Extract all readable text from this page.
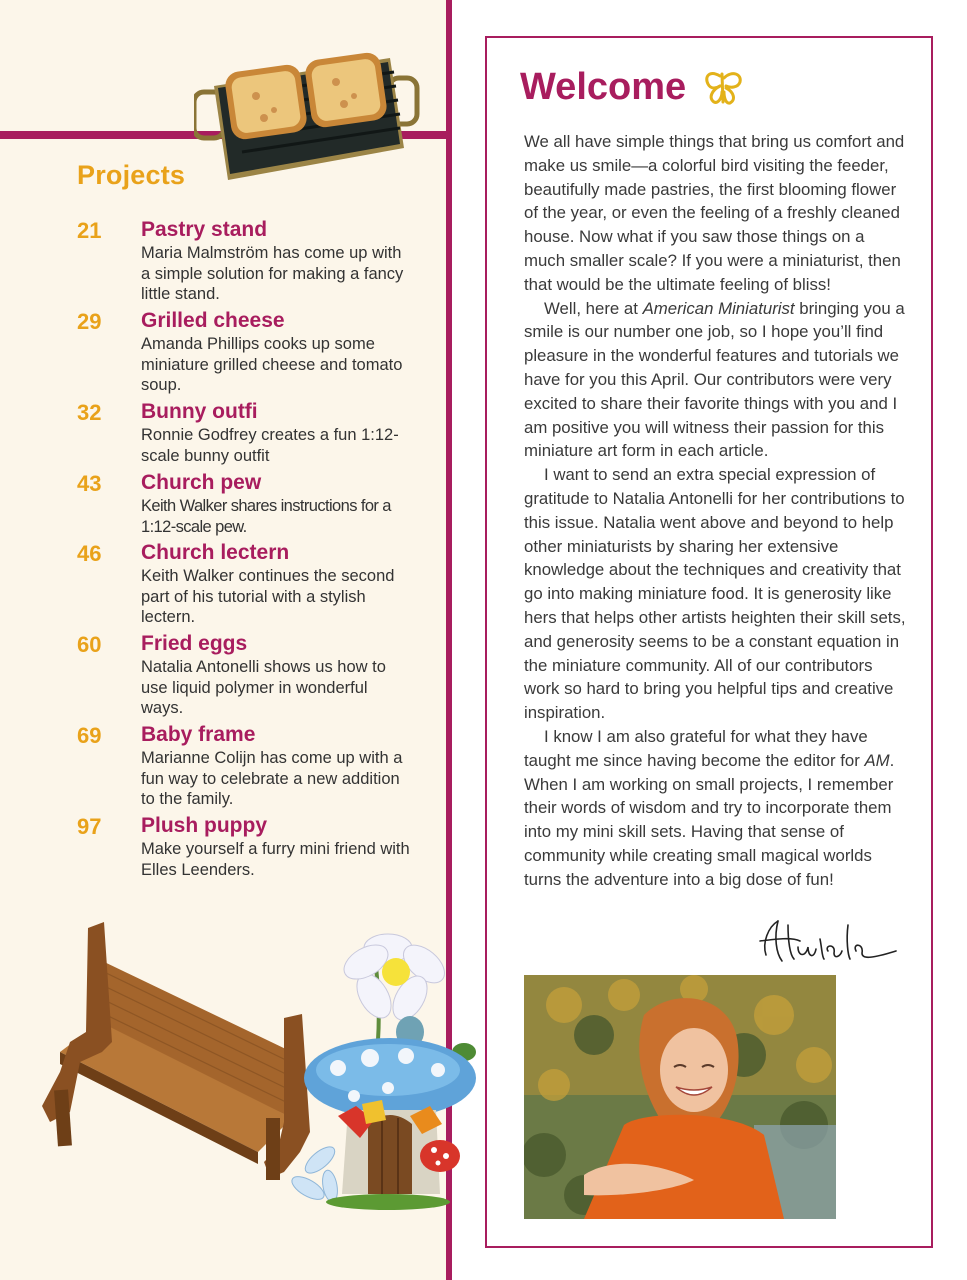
Projects
21	Pastry stand
Maria Malmström has come up with a simple solution for making a fancy little stand.
29	Grilled cheese
Amanda Phillips cooks up some miniature grilled cheese and tomato soup.
32	Bunny outfi
Ronnie Godfrey creates a fun 1:12-scale bunny outfit
43	Church pew
Keith Walker shares instructions for a 1:12-scale pew.
46	Church lectern
Keith Walker continues the second part of his tutorial with a stylish lectern.
60	Fried eggs
Natalia Antonelli shows us how to use liquid polymer in wonderful ways.
69	Baby frame
Marianne Colijn has come up with a fun way to celebrate a new addition to the family.
97	Plush puppy
Make yourself a furry mini friend with Elles Leenders.
Welcome

We all have simple things that bring us comfort and make us smile—a colorful bird visiting the feeder, beautifully made pastries, the first blooming flower of the year, or even the feeling of a freshly cleaned house. Now what if you saw those things on a much smaller scale? If you were a miniaturist, then that would be the ultimate feeling of bliss!

Well, here at American Miniaturist bringing you a smile is our number one job, so I hope you’ll find pleasure in the wonderful features and tutorials we have for you this April. Our contributors were very excited to share their favorite things with you and I am positive you will witness their passion for this miniature art form in each article.

I want to send an extra special expression of gratitude to Natalia Antonelli for her contributions to this issue. Natalia went above and beyond to help other miniaturists by sharing her extensive knowledge about the techniques and creativity that go into making miniature food. It is generosity like hers that helps other artists heighten their skill sets, and generosity seems to be a constant equation in the miniature community. All of our contributors work so hard to bring you helpful tips and creative inspiration.

I know I am also grateful for what they have taught me since having become the editor for AM. When I am working on small projects, I remember their words of wisdom and try to incorporate them into my mini skill sets. Having that sense of community while creating small magical worlds turns the adventure into a big dose of fun!
